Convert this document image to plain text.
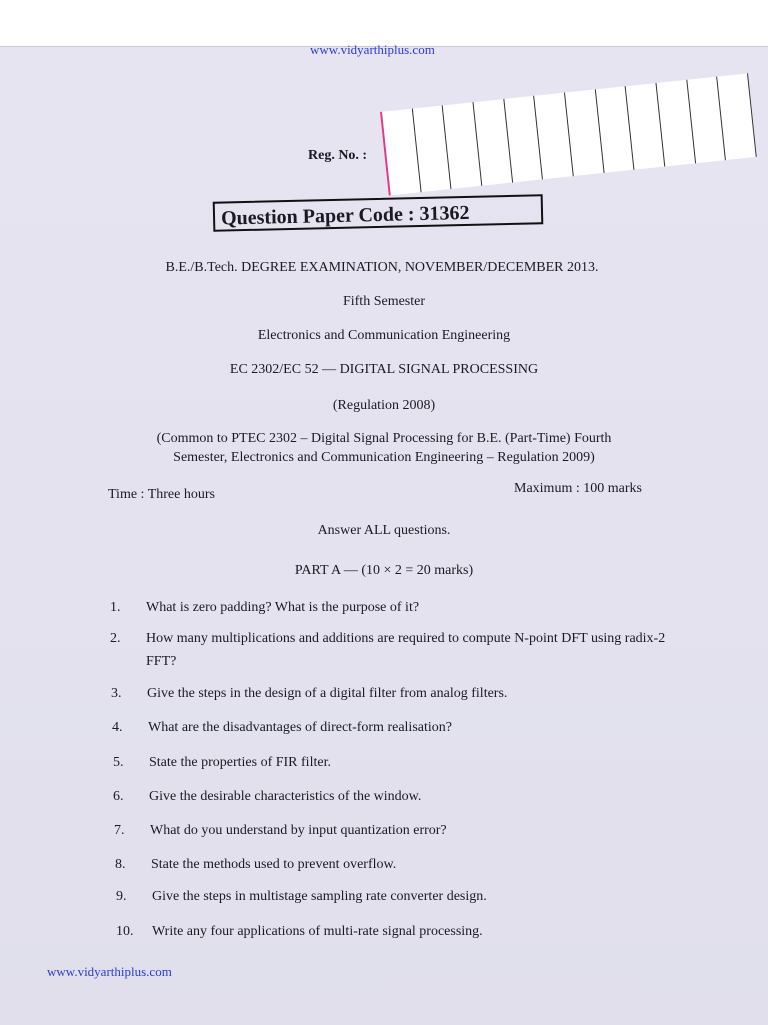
www.vidyarthiplus.com
Reg. No. :
Question Paper Code : 31362
B.E./B.Tech. DEGREE EXAMINATION, NOVEMBER/DECEMBER 2013.
Fifth Semester
Electronics and Communication Engineering
EC 2302/EC 52 — DIGITAL SIGNAL PROCESSING
(Regulation 2008)
(Common to PTEC 2302 – Digital Signal Processing for B.E. (Part-Time) Fourth
Semester, Electronics and Communication Engineering – Regulation 2009)
Time : Three hours	Maximum : 100 marks
Answer ALL questions.
PART A — (10 × 2 = 20 marks)
1.	What is zero padding? What is the purpose of it?
2.	How many multiplications and additions are required to compute N-point DFT using radix-2 FFT?
3.	Give the steps in the design of a digital filter from analog filters.
4.	What are the disadvantages of direct-form realisation?
5.	State the properties of FIR filter.
6.	Give the desirable characteristics of the window.
7.	What do you understand by input quantization error?
8.	State the methods used to prevent overflow.
9.	Give the steps in multistage sampling rate converter design.
10.	Write any four applications of multi-rate signal processing.
www.vidyarthiplus.com
